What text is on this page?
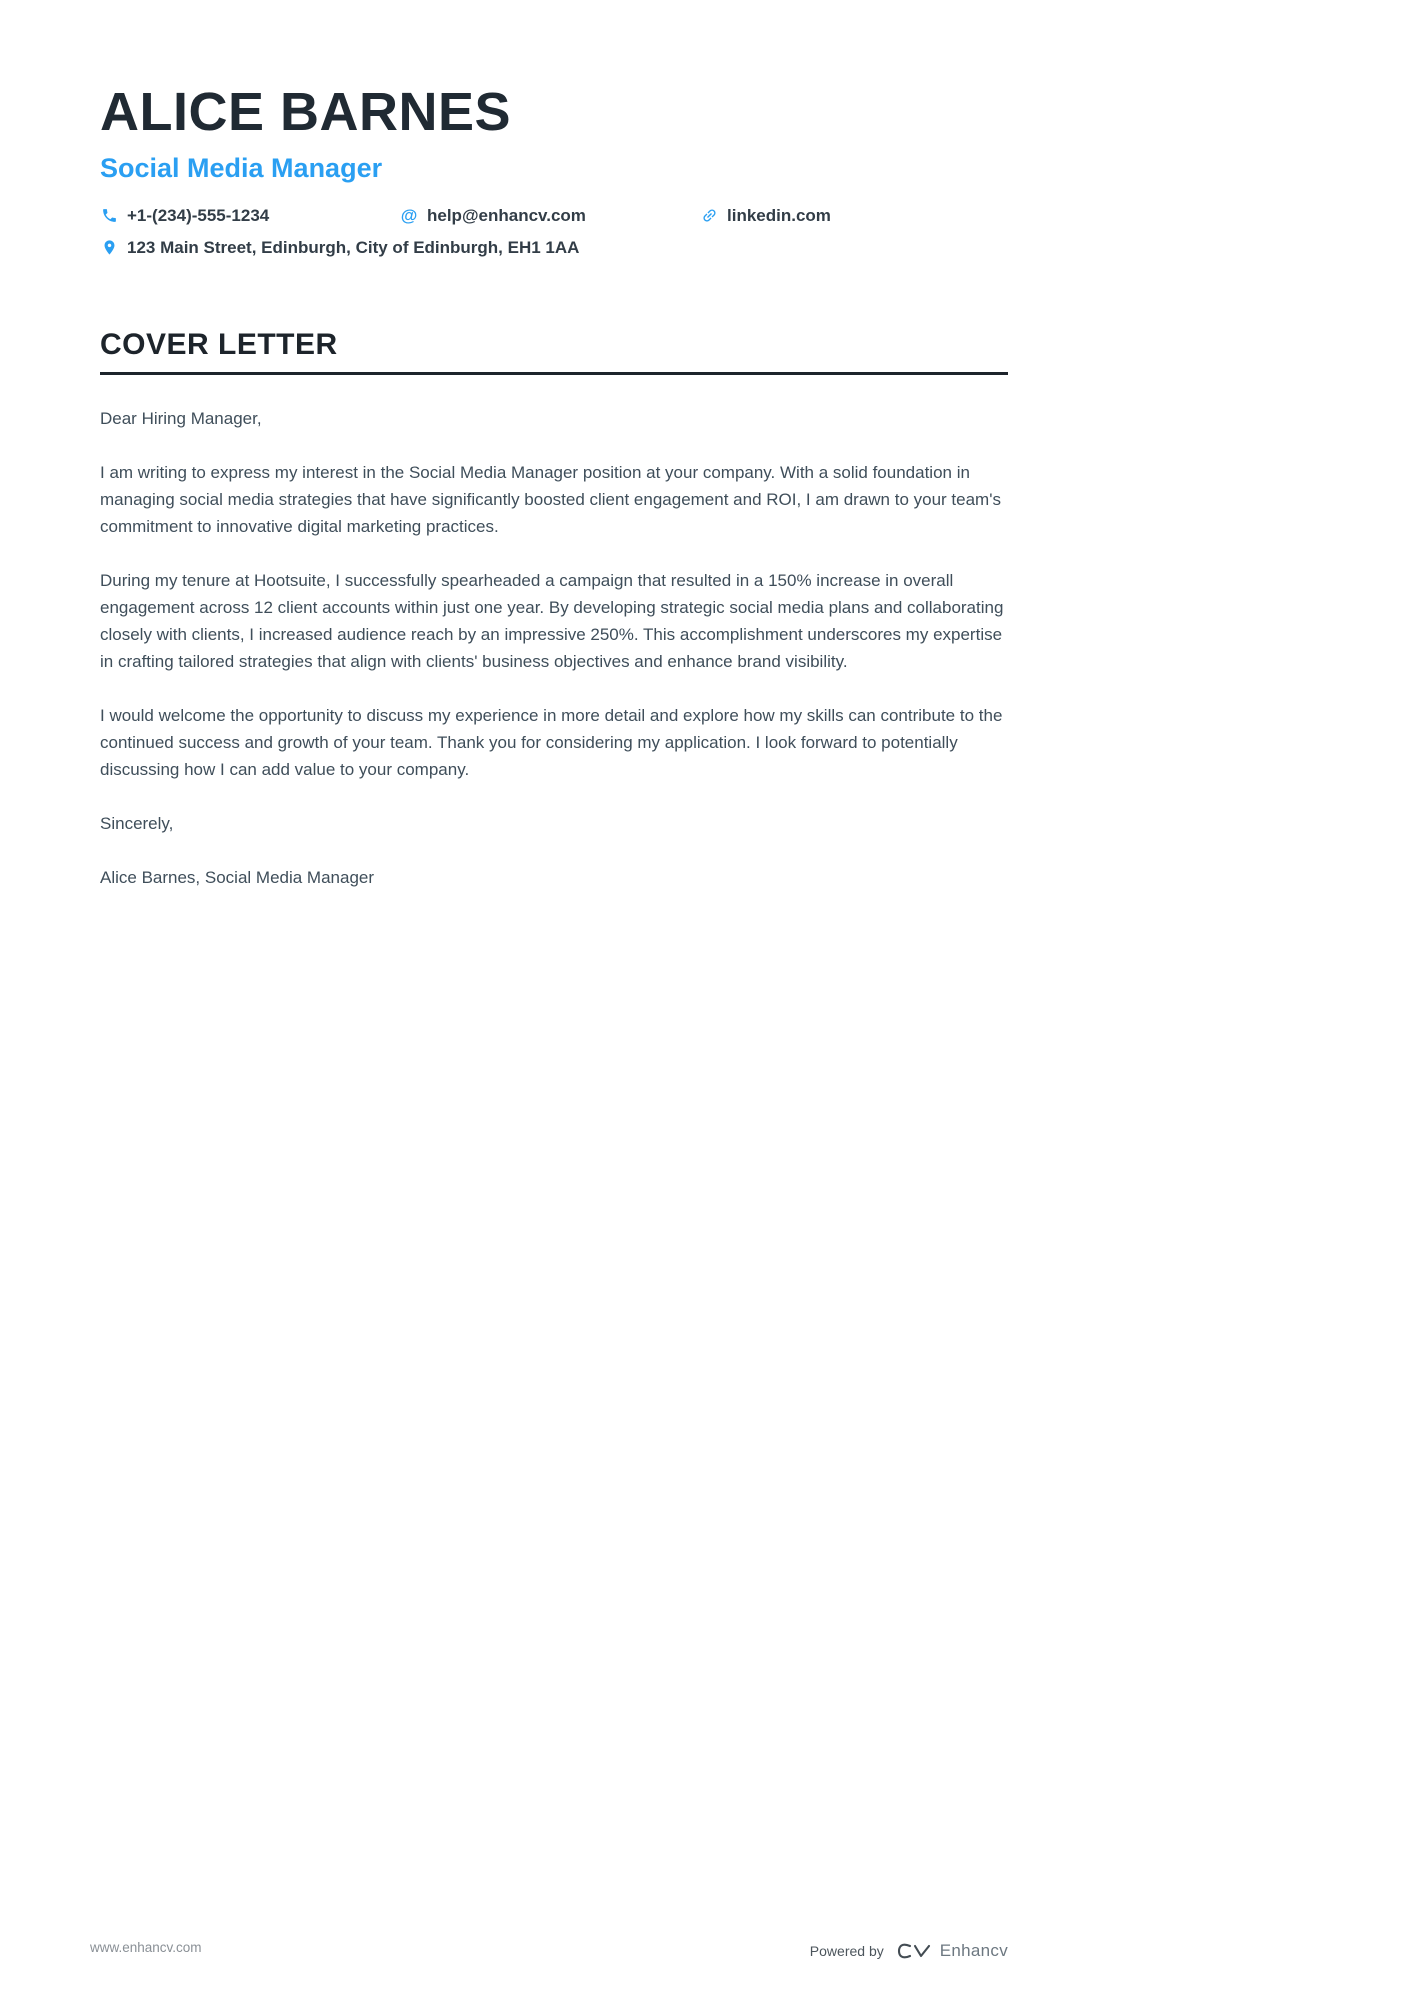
ALICE BARNES
Social Media Manager
+1-(234)-555-1234	@ help@enhancv.com	linkedin.com
123 Main Street, Edinburgh, City of Edinburgh, EH1 1AA
COVER LETTER

Dear Hiring Manager,

I am writing to express my interest in the Social Media Manager position at your company. With a solid foundation in managing social media strategies that have significantly boosted client engagement and ROI, I am drawn to your team's commitment to innovative digital marketing practices.

During my tenure at Hootsuite, I successfully spearheaded a campaign that resulted in a 150% increase in overall engagement across 12 client accounts within just one year. By developing strategic social media plans and collaborating closely with clients, I increased audience reach by an impressive 250%. This accomplishment underscores my expertise in crafting tailored strategies that align with clients' business objectives and enhance brand visibility.

I would welcome the opportunity to discuss my experience in more detail and explore how my skills can contribute to the continued success and growth of your team. Thank you for considering my application. I look forward to potentially discussing how I can add value to your company.

Sincerely,

Alice Barnes, Social Media Manager

www.enhancv.com	Powered by	Enhancv
